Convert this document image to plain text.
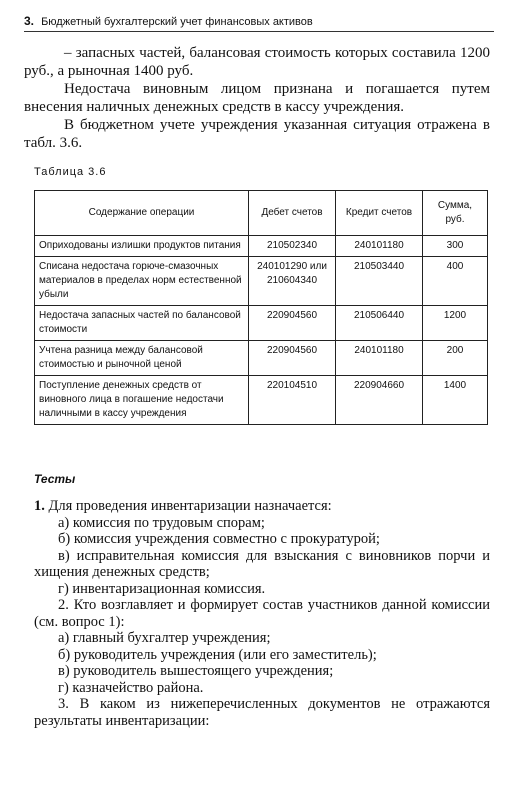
3. Бюджетный бухгалтерский учет финансовых активов

– запасных частей, балансовая стоимость которых составила 1200 руб., а рыночная 1400 руб.

Недостача виновным лицом признана и погашается путем внесения наличных денежных средств в кассу учреждения.

В бюджетном учете учреждения указанная ситуация отражена в табл. 3.6.

Таблица 3.6
Содержание операции	Дебет счетов	Кредит счетов	Сумма, руб.
Оприходованы излишки продуктов питания	210502340	240101180	300
Списана недостача горюче-смазочных материалов в пределах норм естественной убыли	240101290 или 210604340	210503440	400
Недостача запасных частей по балансовой стоимости	220904560	210506440	1200
Учтена разница между балансовой стоимостью и рыночной ценой	220904560	240101180	200
Поступление денежных средств от виновного лица в погашение недостачи наличными в кассу учреждения	220104510	220904660	1400
Тесты

1. Для проведения инвентаризации назначается:

а) комиссия по трудовым спорам;

б) комиссия учреждения совместно с прокуратурой;

в) исправительная комиссия для взыскания с виновников порчи и хищения денежных средств;

г) инвентаризационная комиссия.

2. Кто возглавляет и формирует состав участников данной комиссии (см. вопрос 1):

а) главный бухгалтер учреждения;

б) руководитель учреждения (или его заместитель);

в) руководитель вышестоящего учреждения;

г) казначейство района.

3. В каком из нижеперечисленных документов не отражаются результаты инвентаризации:
